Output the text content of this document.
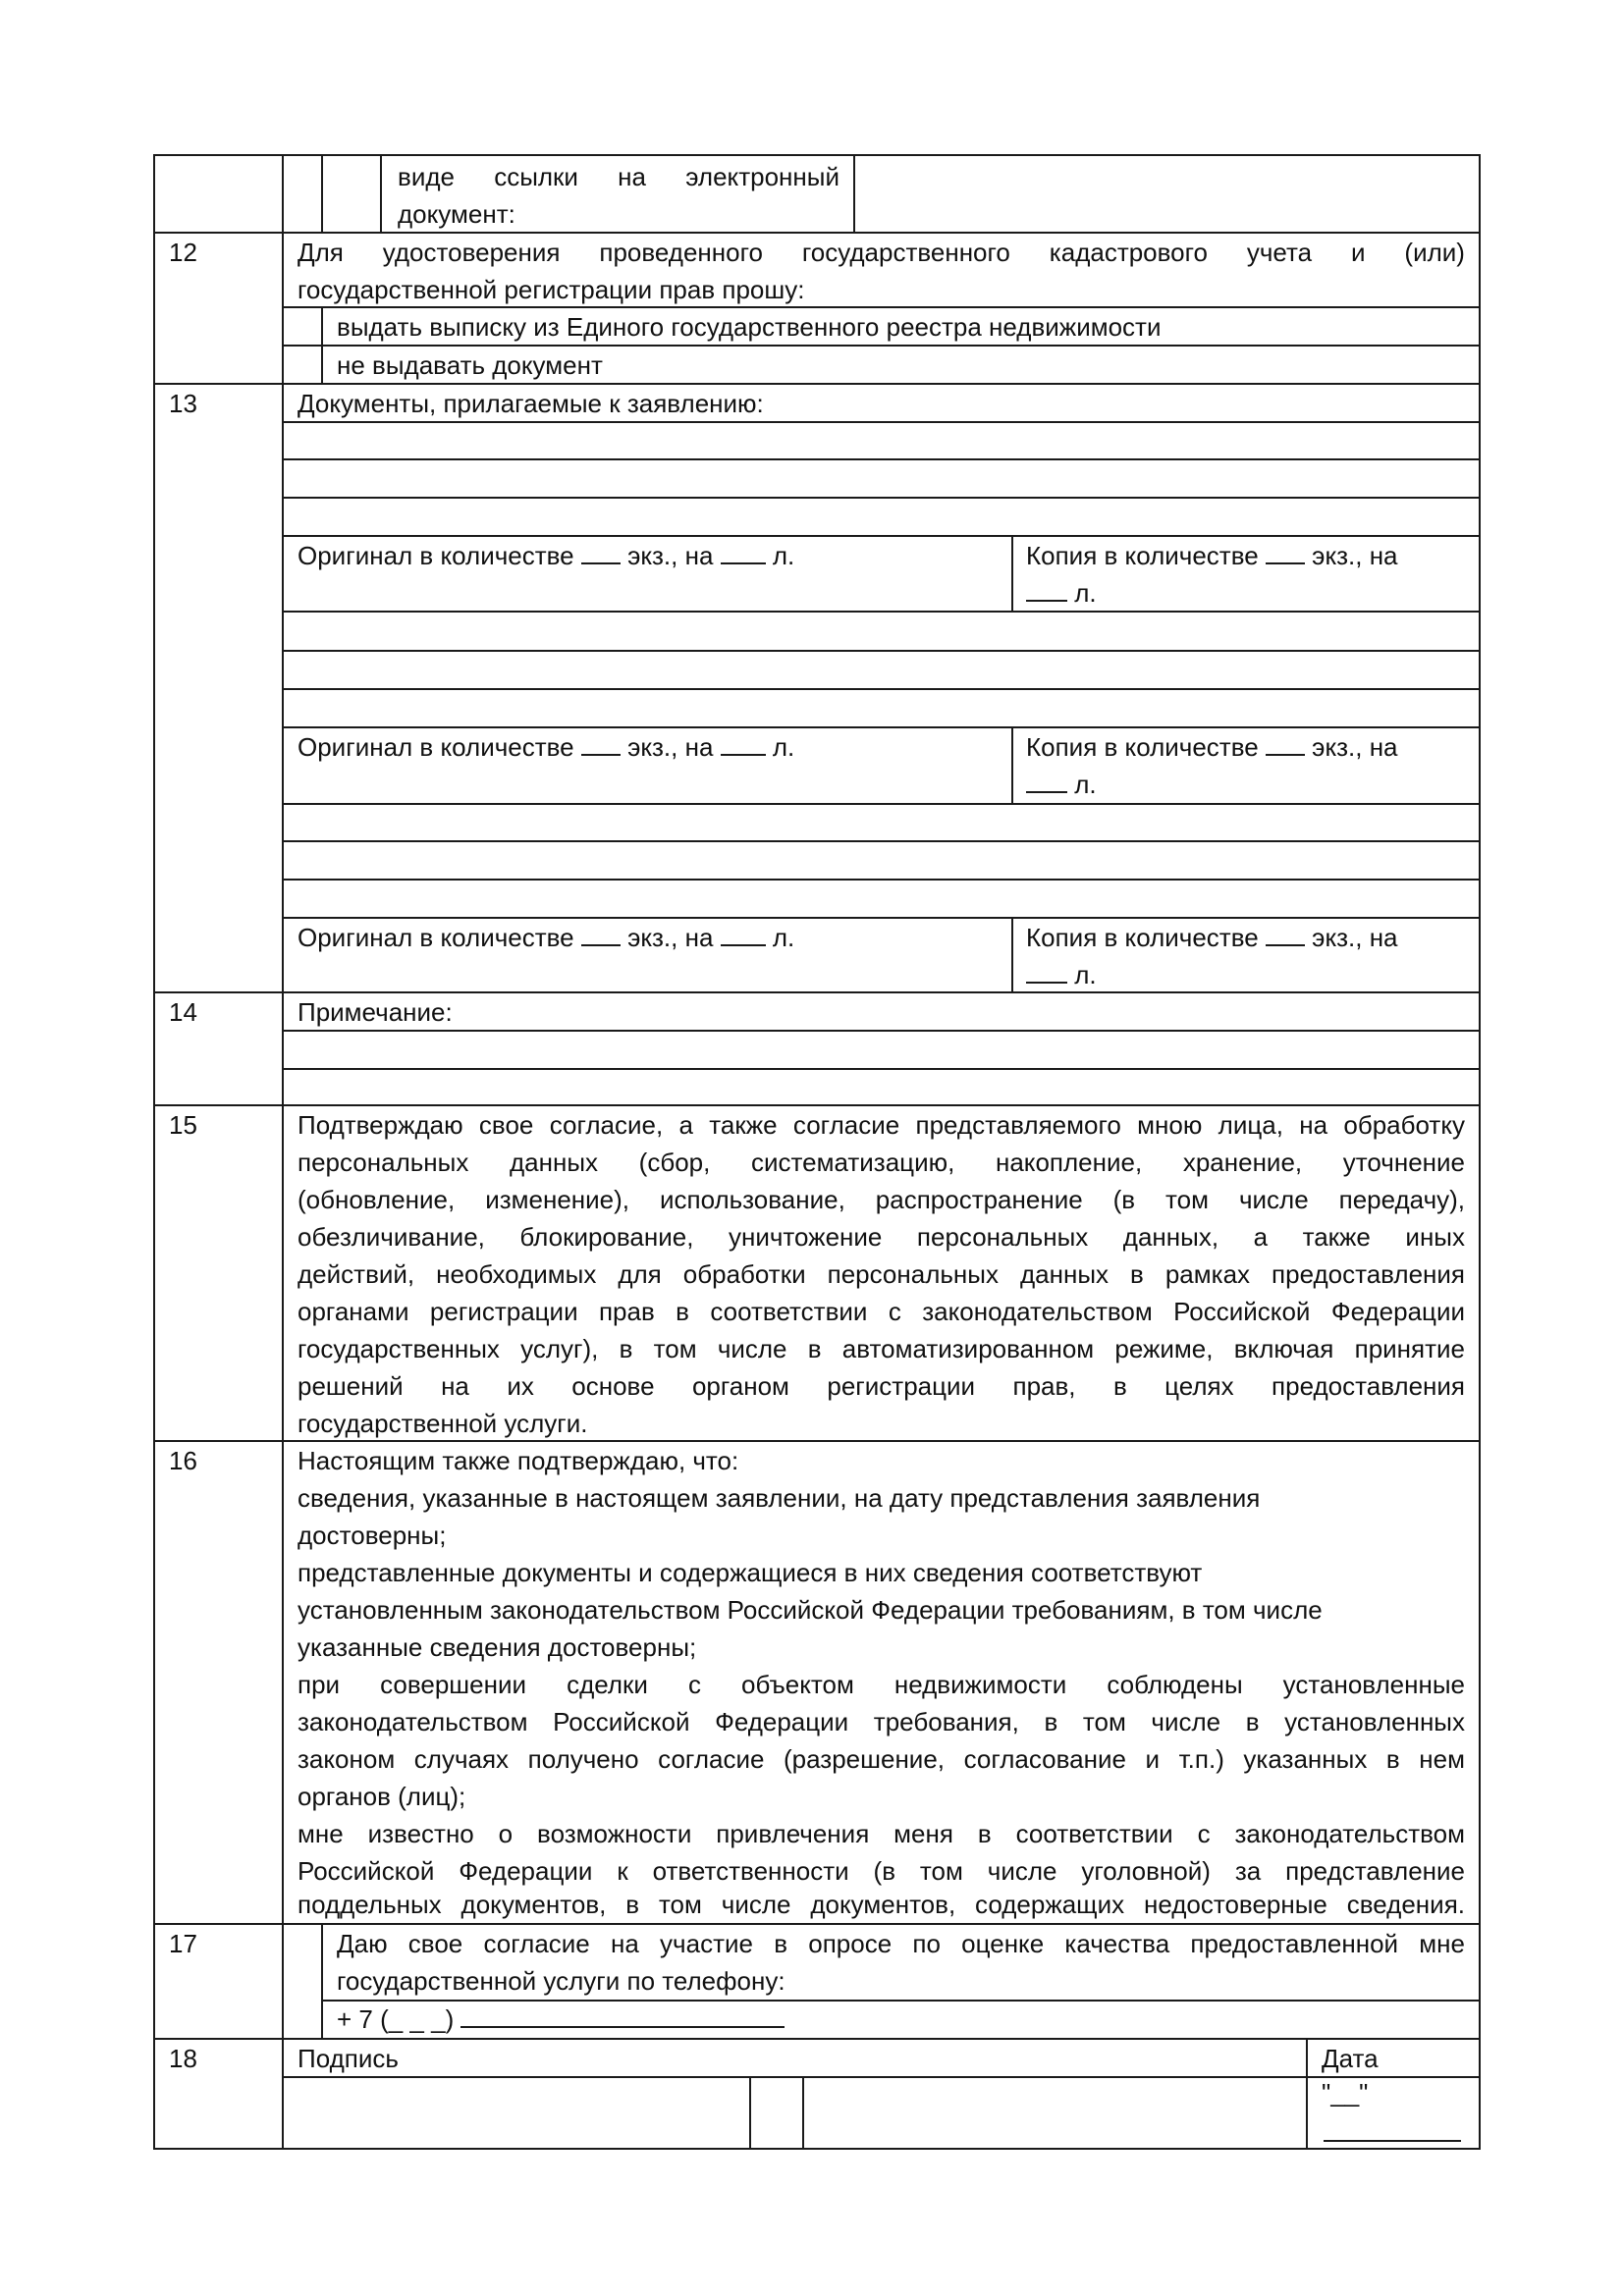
виде ссылки на электронный
документ:
12	Для удостоверения проведенного государственного кадастрового учета и (или)
государственной регистрации прав прошу:
выдать выписку из Единого государственного реестра недвижимости
не выдавать документ
13	Документы, прилагаемые к заявлению:
Оригинал в количестве экз., на л.	Копия в количестве экз., на
л.
Оригинал в количестве экз., на л.	Копия в количестве экз., на
л.
Оригинал в количестве экз., на л.	Копия в количестве экз., на
л.
14	Примечание:
15	Подтверждаю свое согласие, а также согласие представляемого мною лица, на обработку
персональных данных (сбор, систематизацию, накопление, хранение, уточнение
(обновление, изменение), использование, распространение (в том числе передачу),
обезличивание, блокирование, уничтожение персональных данных, а также иных
действий, необходимых для обработки персональных данных в рамках предоставления
органами регистрации прав в соответствии с законодательством Российской Федерации
государственных услуг), в том числе в автоматизированном режиме, включая принятие
решений на их основе органом регистрации прав, в целях предоставления
государственной услуги.
16	Настоящим также подтверждаю, что:
сведения, указанные в настоящем заявлении, на дату представления заявления
достоверны;
представленные документы и содержащиеся в них сведения соответствуют
установленным законодательством Российской Федерации требованиям, в том числе
указанные сведения достоверны;
при совершении сделки с объектом недвижимости соблюдены установленные
законодательством Российской Федерации требования, в том числе в установленных
законом случаях получено согласие (разрешение, согласование и т.п.) указанных в нем
органов (лиц);
мне известно о возможности привлечения меня в соответствии с законодательством
Российской Федерации к ответственности (в том числе уголовной) за представление
поддельных документов, в том числе документов, содержащих недостоверные сведения.
17	Даю свое согласие на участие в опросе по оценке качества предоставленной мне
государственной услуги по телефону:
+ 7 (_ _ _)
18	Подпись	Дата
"__"
